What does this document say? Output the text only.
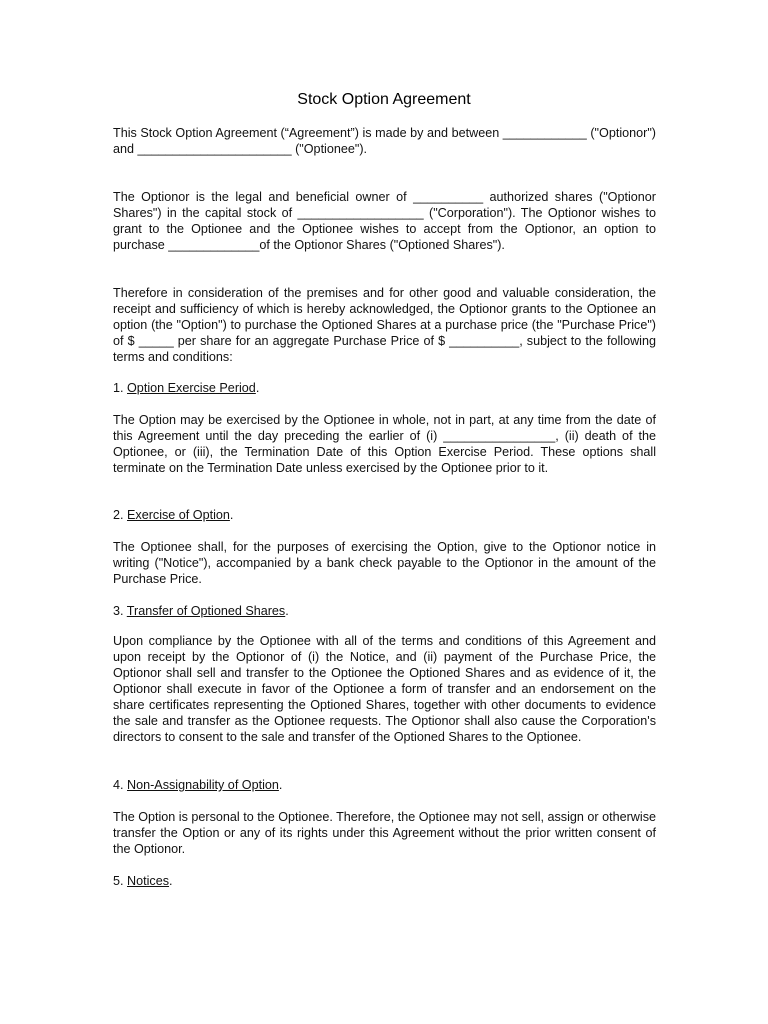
Stock Option Agreement

This Stock Option Agreement (“Agreement”) is made by and between ____________ ("Optionor") and ______________________ ("Optionee").

The Optionor is the legal and beneficial owner of __________ authorized shares ("Optionor Shares") in the capital stock of __________________ ("Corporation"). The Optionor wishes to grant to the Optionee and the Optionee wishes to accept from the Optionor, an option to purchase _____________of the Optionor Shares ("Optioned Shares").

Therefore in consideration of the premises and for other good and valuable consideration, the receipt and sufficiency of which is hereby acknowledged, the Optionor grants to the Optionee an option (the "Option") to purchase the Optioned Shares at a purchase price (the "Purchase Price") of $ _____ per share for an aggregate Purchase Price of $ __________, subject to the following terms and conditions:

1. Option Exercise Period.

The Option may be exercised by the Optionee in whole, not in part, at any time from the date of this Agreement until the day preceding the earlier of (i) ________________, (ii) death of the Optionee, or (iii), the Termination Date of this Option Exercise Period. These options shall terminate on the Termination Date unless exercised by the Optionee prior to it.

2. Exercise of Option.

The Optionee shall, for the purposes of exercising the Option, give to the Optionor notice in writing ("Notice"), accompanied by a bank check payable to the Optionor in the amount of the Purchase Price.

3. Transfer of Optioned Shares.

Upon compliance by the Optionee with all of the terms and conditions of this Agreement and upon receipt by the Optionor of (i) the Notice, and (ii) payment of the Purchase Price, the Optionor shall sell and transfer to the Optionee the Optioned Shares and as evidence of it, the Optionor shall execute in favor of the Optionee a form of transfer and an endorsement on the share certificates representing the Optioned Shares, together with other documents to evidence the sale and transfer as the Optionee requests. The Optionor shall also cause the Corporation's directors to consent to the sale and transfer of the Optioned Shares to the Optionee.

4. Non-Assignability of Option.

The Option is personal to the Optionee. Therefore, the Optionee may not sell, assign or otherwise transfer the Option or any of its rights under this Agreement without the prior written consent of the Optionor.

5. Notices.
